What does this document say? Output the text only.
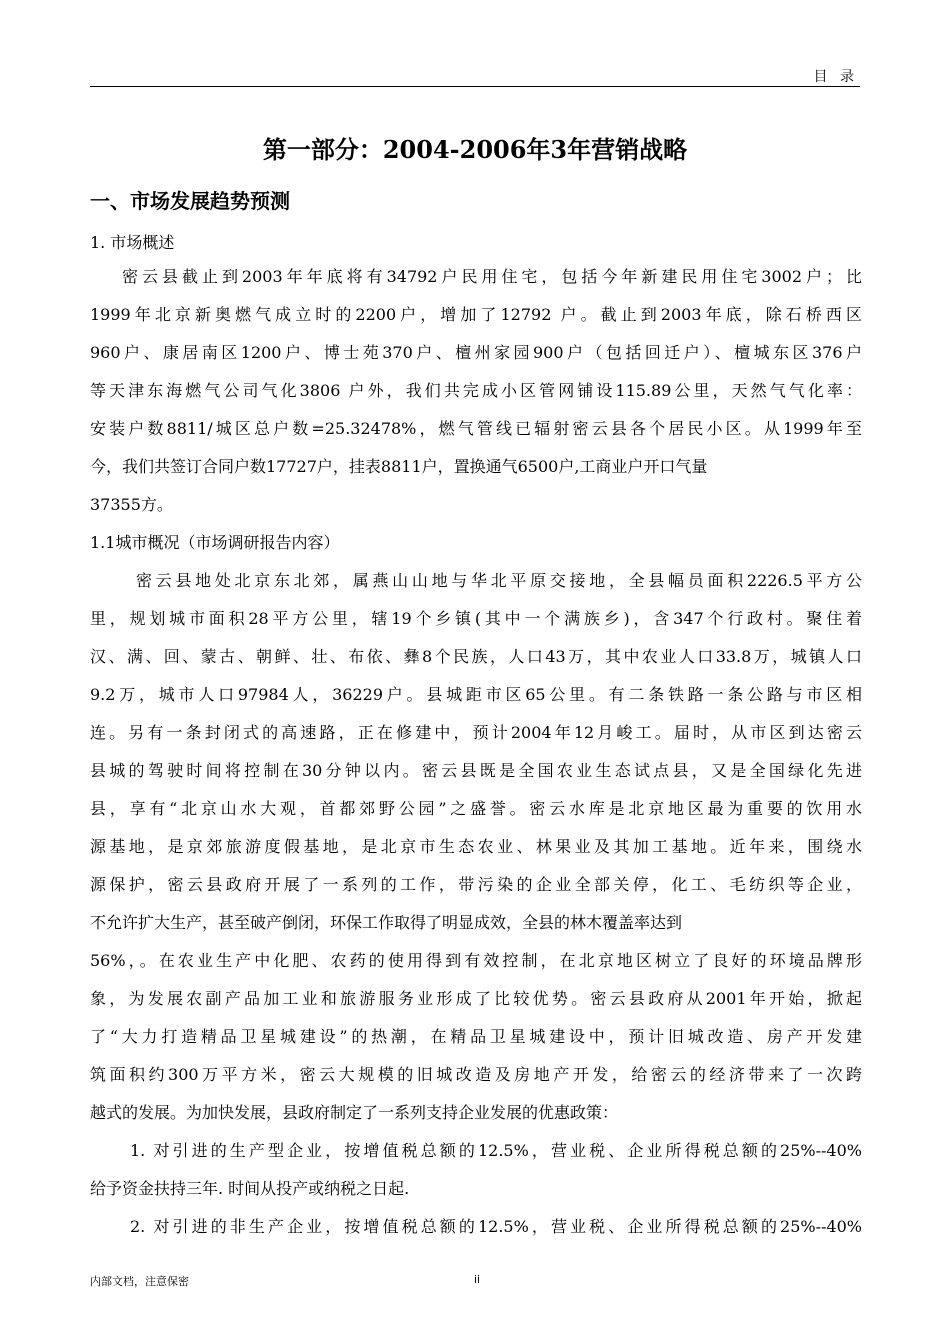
目 录
第一部分：2004-2006年3年营销战略
一、市场发展趋势预测
1. 市场概述
密云县截止到2003年年底将有34792户民用住宅，包括今年新建民用住宅3002户；比
1999年北京新奥燃气成立时的2200户，增加了12792 户。截止到2003年底，除石桥西区
960户、康居南区1200户、博士苑370户、檀州家园900户（包括回迁户）、檀城东区376户
等天津东海燃气公司气化3806 户外，我们共完成小区管网铺设115.89公里，天然气气化率：
安装户数8811/城区总户数=25.32478%，燃气管线已辐射密云县各个居民小区。从1999年至
今，我们共签订合同户数17727户，挂表8811户，置换通气6500户,工商业户开口气量
37355方。
1.1城市概况（市场调研报告内容）
密云县地处北京东北郊，属燕山山地与华北平原交接地，全县幅员面积2226.5平方公
里，规划城市面积28平方公里，辖19个乡镇(其中一个满族乡)，含347个行政村。聚住着
汉、满、回、蒙古、朝鲜、壮、布依、彝8个民族，人口43万，其中农业人口33.8万，城镇人口
9.2万，城市人口97984人，36229户。县城距市区65公里。有二条铁路一条公路与市区相
连。另有一条封闭式的高速路，正在修建中，预计2004年12月峻工。届时，从市区到达密云
县城的驾驶时间将控制在30分钟以内。密云县既是全国农业生态试点县，又是全国绿化先进
县，享有“北京山水大观，首都郊野公园”之盛誉。密云水库是北京地区最为重要的饮用水
源基地，是京郊旅游度假基地，是北京市生态农业、林果业及其加工基地。近年来，围绕水
源保护，密云县政府开展了一系列的工作，带污染的企业全部关停，化工、毛纺织等企业，
不允许扩大生产，甚至破产倒闭，环保工作取得了明显成效，全县的林木覆盖率达到
56%，。在农业生产中化肥、农药的使用得到有效控制，在北京地区树立了良好的环境品牌形
象，为发展农副产品加工业和旅游服务业形成了比较优势。密云县政府从2001年开始，掀起
了“大力打造精品卫星城建设”的热潮，在精品卫星城建设中，预计旧城改造、房产开发建
筑面积约300万平方米，密云大规模的旧城改造及房地产开发，给密云的经济带来了一次跨
越式的发展。为加快发展，县政府制定了一系列支持企业发展的优惠政策：
1. 对引进的生产型企业，按增值税总额的12.5%，营业税、企业所得税总额的25%--40%
给予资金扶持三年. 时间从投产或纳税之日起.
2. 对引进的非生产企业，按增值税总额的12.5%，营业税、企业所得税总额的25%--40%
内部文档，注意保密	ii
